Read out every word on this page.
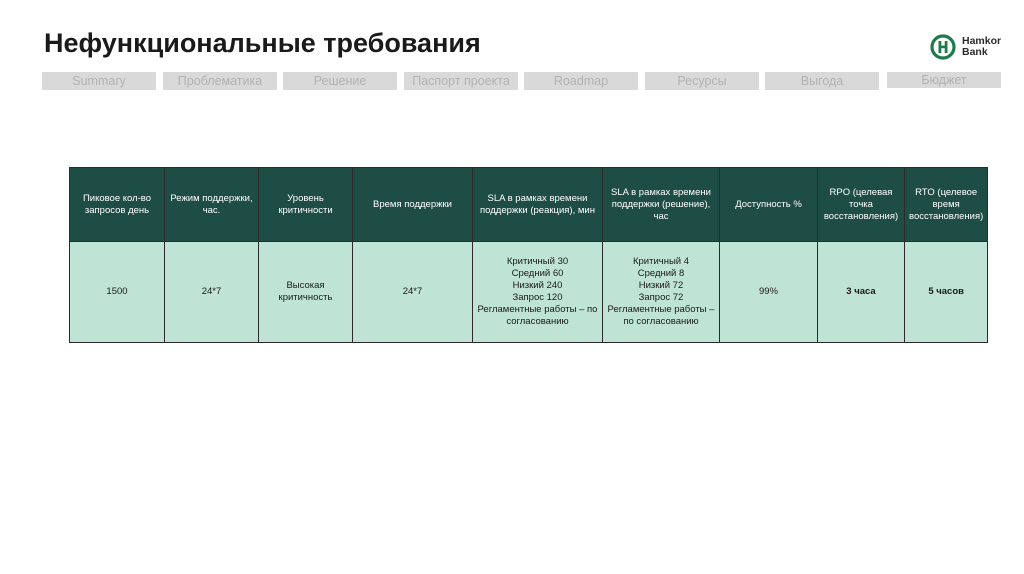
Нефункциональные требования	Hamkor
Bank
Summary	Проблематика	Решение	Паспорт проекта	Roadmap	Ресурсы	Выгода	Бюджет
Пиковое кол-во запросов день	Режим поддержки, час.	Уровень критичности	Время поддержки	SLA в рамках времени поддержки (реакция), мин	SLA в рамках времени поддержки (решение), час	Доступность %	RPO (целевая точка восстановления)	RTO (целевое время восстановления)
1500	24*7	Высокая критичность	24*7	Критичный 30
Средний 60
Низкий 240
Запрос 120
Регламентные работы – по согласованию	Критичный 4
Средний 8
Низкий 72
Запрос 72
Регламентные работы – по согласованию	99%	3 часа	5 часов
